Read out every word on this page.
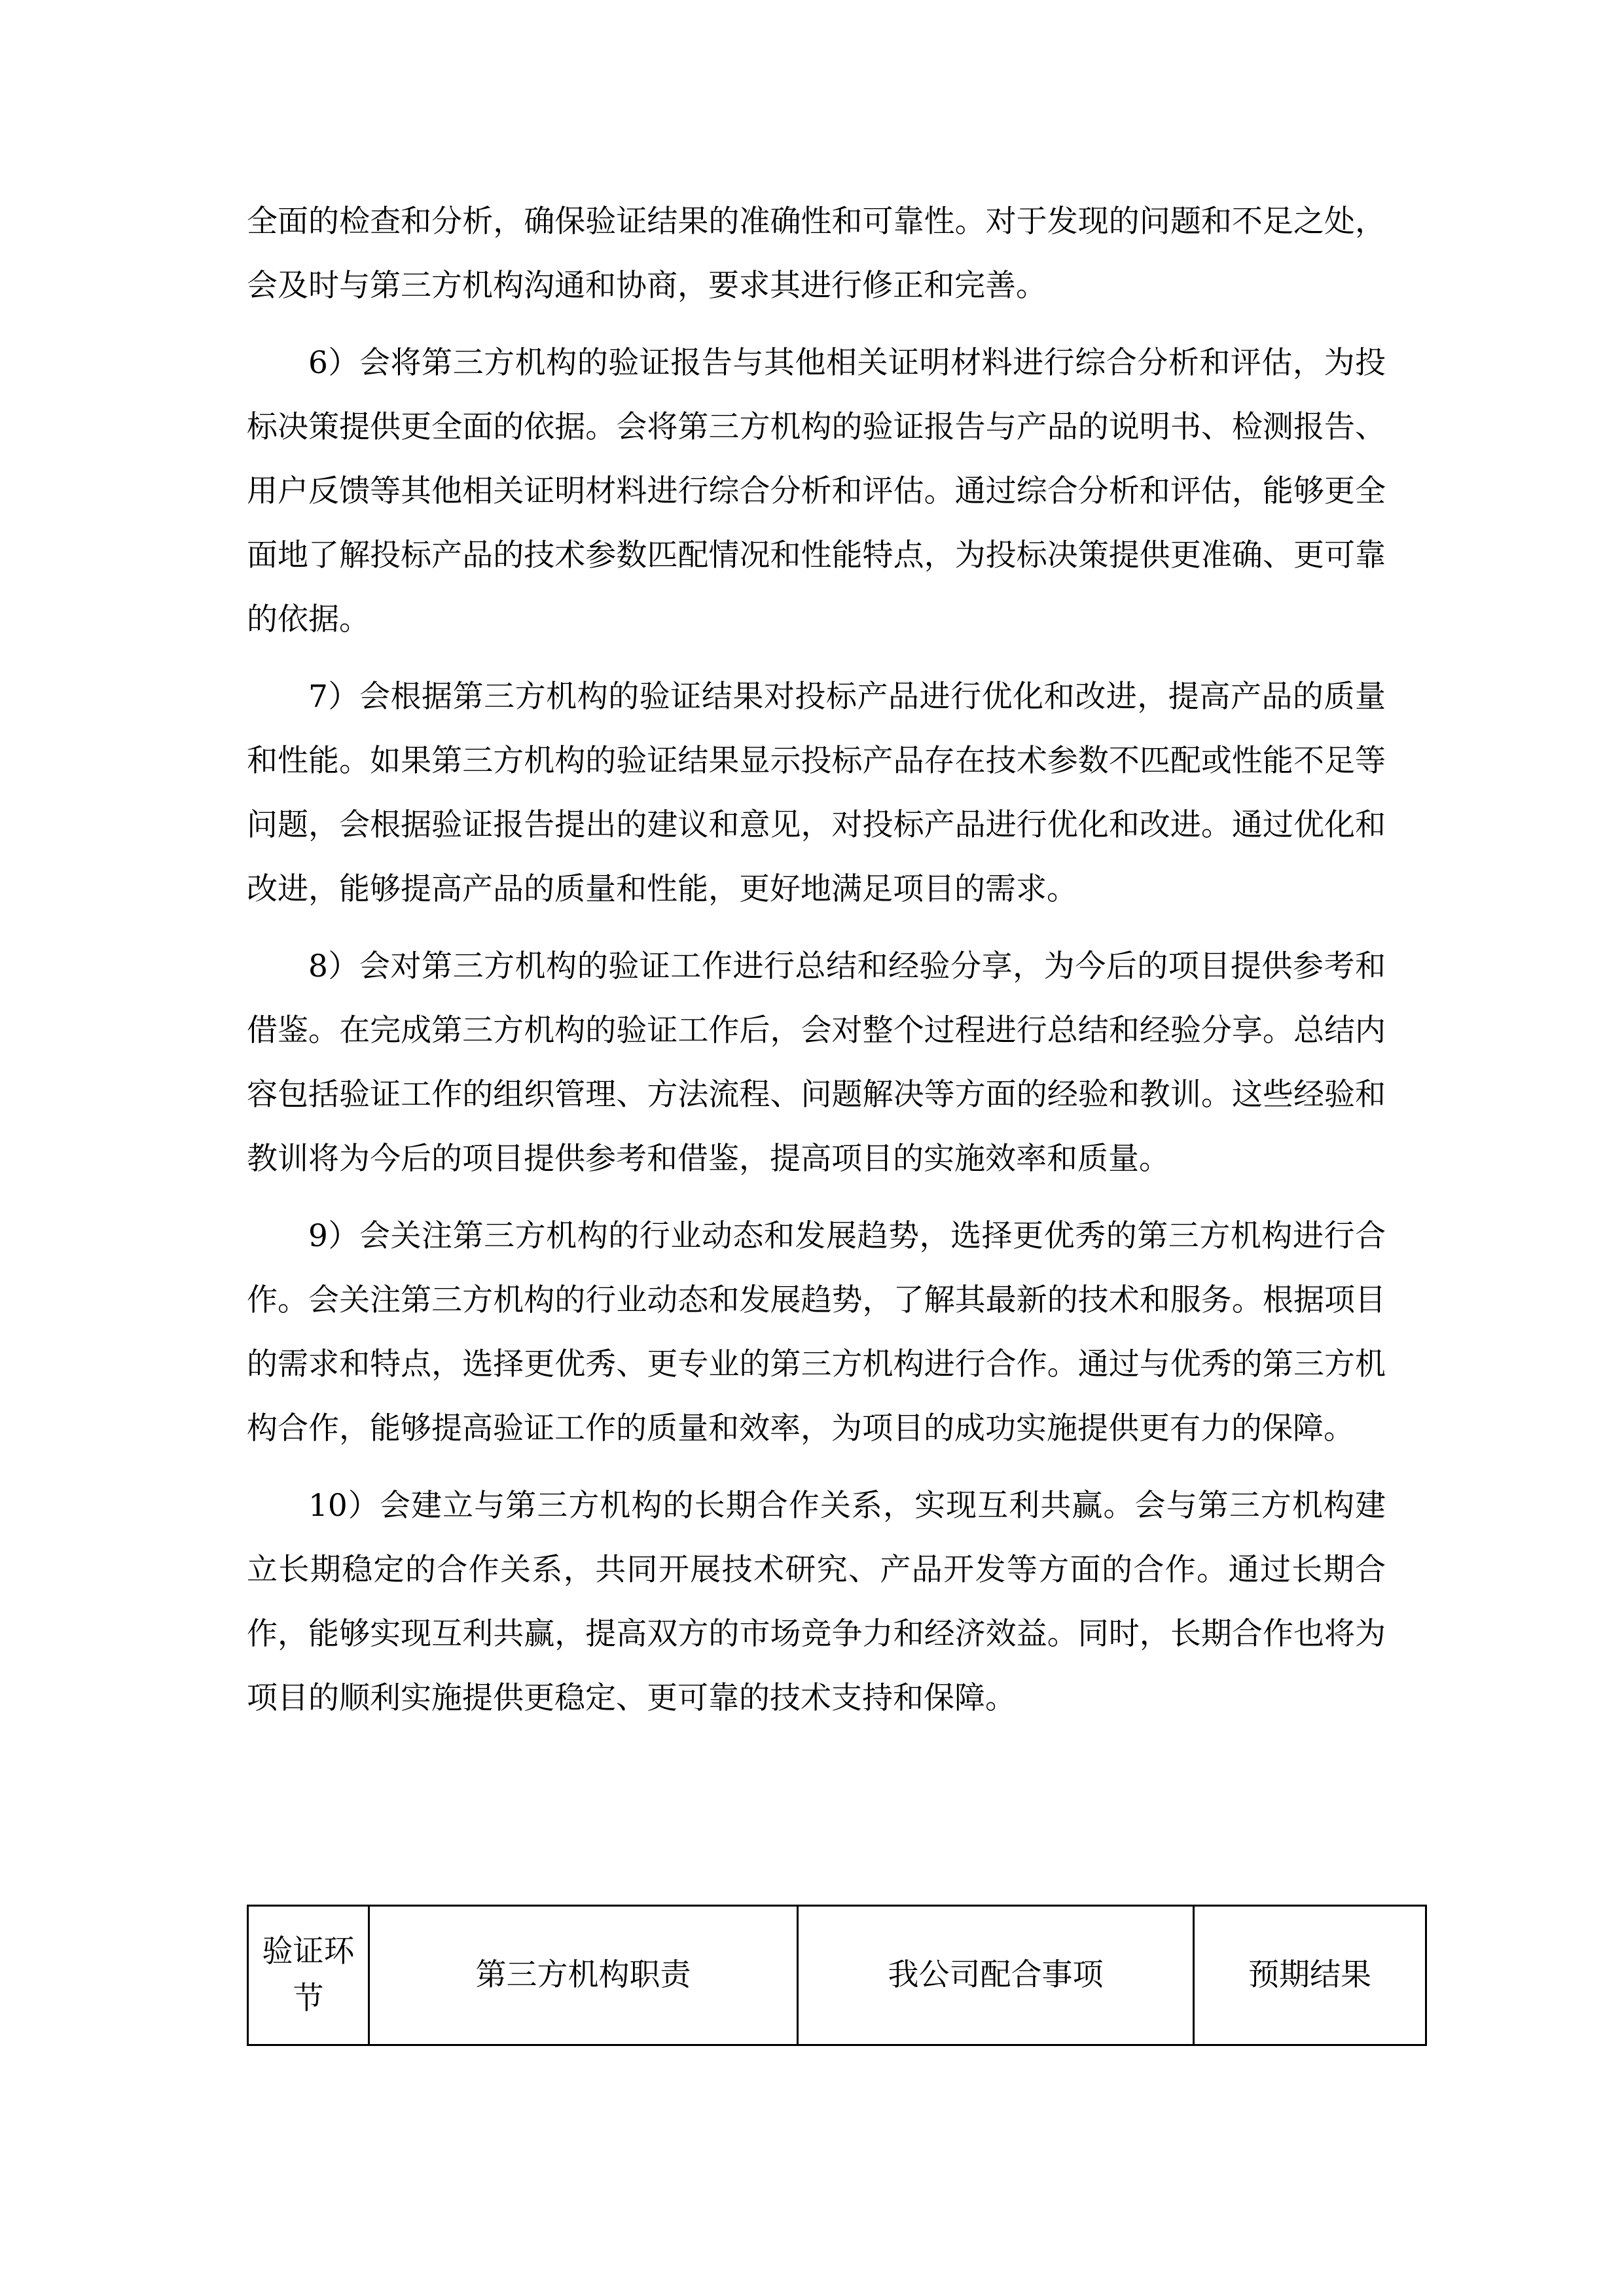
全面的检查和分析，确保验证结果的准确性和可靠性。对于发现的问题和不足之处，会及时与第三方机构沟通和协商，要求其进行修正和完善。

6）会将第三方机构的验证报告与其他相关证明材料进行综合分析和评估，为投标决策提供更全面的依据。会将第三方机构的验证报告与产品的说明书、检测报告、用户反馈等其他相关证明材料进行综合分析和评估。通过综合分析和评估，能够更全面地了解投标产品的技术参数匹配情况和性能特点，为投标决策提供更准确、更可靠的依据。

7）会根据第三方机构的验证结果对投标产品进行优化和改进，提高产品的质量和性能。如果第三方机构的验证结果显示投标产品存在技术参数不匹配或性能不足等问题，会根据验证报告提出的建议和意见，对投标产品进行优化和改进。通过优化和改进，能够提高产品的质量和性能，更好地满足项目的需求。

8）会对第三方机构的验证工作进行总结和经验分享，为今后的项目提供参考和借鉴。在完成第三方机构的验证工作后，会对整个过程进行总结和经验分享。总结内容包括验证工作的组织管理、方法流程、问题解决等方面的经验和教训。这些经验和教训将为今后的项目提供参考和借鉴，提高项目的实施效率和质量。

9）会关注第三方机构的行业动态和发展趋势，选择更优秀的第三方机构进行合作。会关注第三方机构的行业动态和发展趋势，了解其最新的技术和服务。根据项目的需求和特点，选择更优秀、更专业的第三方机构进行合作。通过与优秀的第三方机构合作，能够提高验证工作的质量和效率，为项目的成功实施提供更有力的保障。

10）会建立与第三方机构的长期合作关系，实现互利共赢。会与第三方机构建立长期稳定的合作关系，共同开展技术研究、产品开发等方面的合作。通过长期合作，能够实现互利共赢，提高双方的市场竞争力和经济效益。同时，长期合作也将为项目的顺利实施提供更稳定、更可靠的技术支持和保障。

验证环节	第三方机构职责	我公司配合事项	预期结果
